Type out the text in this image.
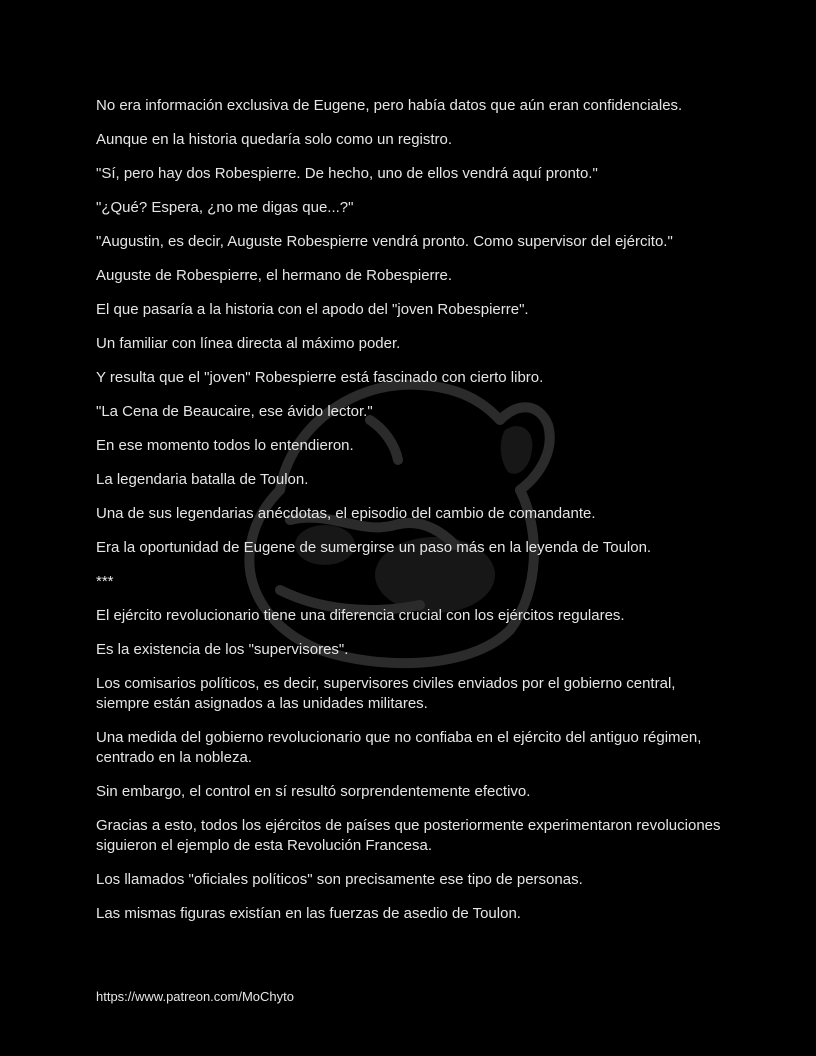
No era información exclusiva de Eugene, pero había datos que aún eran confidenciales.

Aunque en la historia quedaría solo como un registro.

"Sí, pero hay dos Robespierre. De hecho, uno de ellos vendrá aquí pronto."

"¿Qué? Espera, ¿no me digas que...?"

"Augustin, es decir, Auguste Robespierre vendrá pronto. Como supervisor del ejército."

Auguste de Robespierre, el hermano de Robespierre.

El que pasaría a la historia con el apodo del "joven Robespierre".

Un familiar con línea directa al máximo poder.

Y resulta que el "joven" Robespierre está fascinado con cierto libro.

"La Cena de Beaucaire, ese ávido lector."

En ese momento todos lo entendieron.

La legendaria batalla de Toulon.

Una de sus legendarias anécdotas, el episodio del cambio de comandante.

Era la oportunidad de Eugene de sumergirse un paso más en la leyenda de Toulon.

***

El ejército revolucionario tiene una diferencia crucial con los ejércitos regulares.

Es la existencia de los "supervisores".

Los comisarios políticos, es decir, supervisores civiles enviados por el gobierno central, siempre están asignados a las unidades militares.

Una medida del gobierno revolucionario que no confiaba en el ejército del antiguo régimen, centrado en la nobleza.

Sin embargo, el control en sí resultó sorprendentemente efectivo.

Gracias a esto, todos los ejércitos de países que posteriormente experimentaron revoluciones siguieron el ejemplo de esta Revolución Francesa.

Los llamados "oficiales políticos" son precisamente ese tipo de personas.

Las mismas figuras existían en las fuerzas de asedio de Toulon.

https://www.patreon.com/MoChyto
